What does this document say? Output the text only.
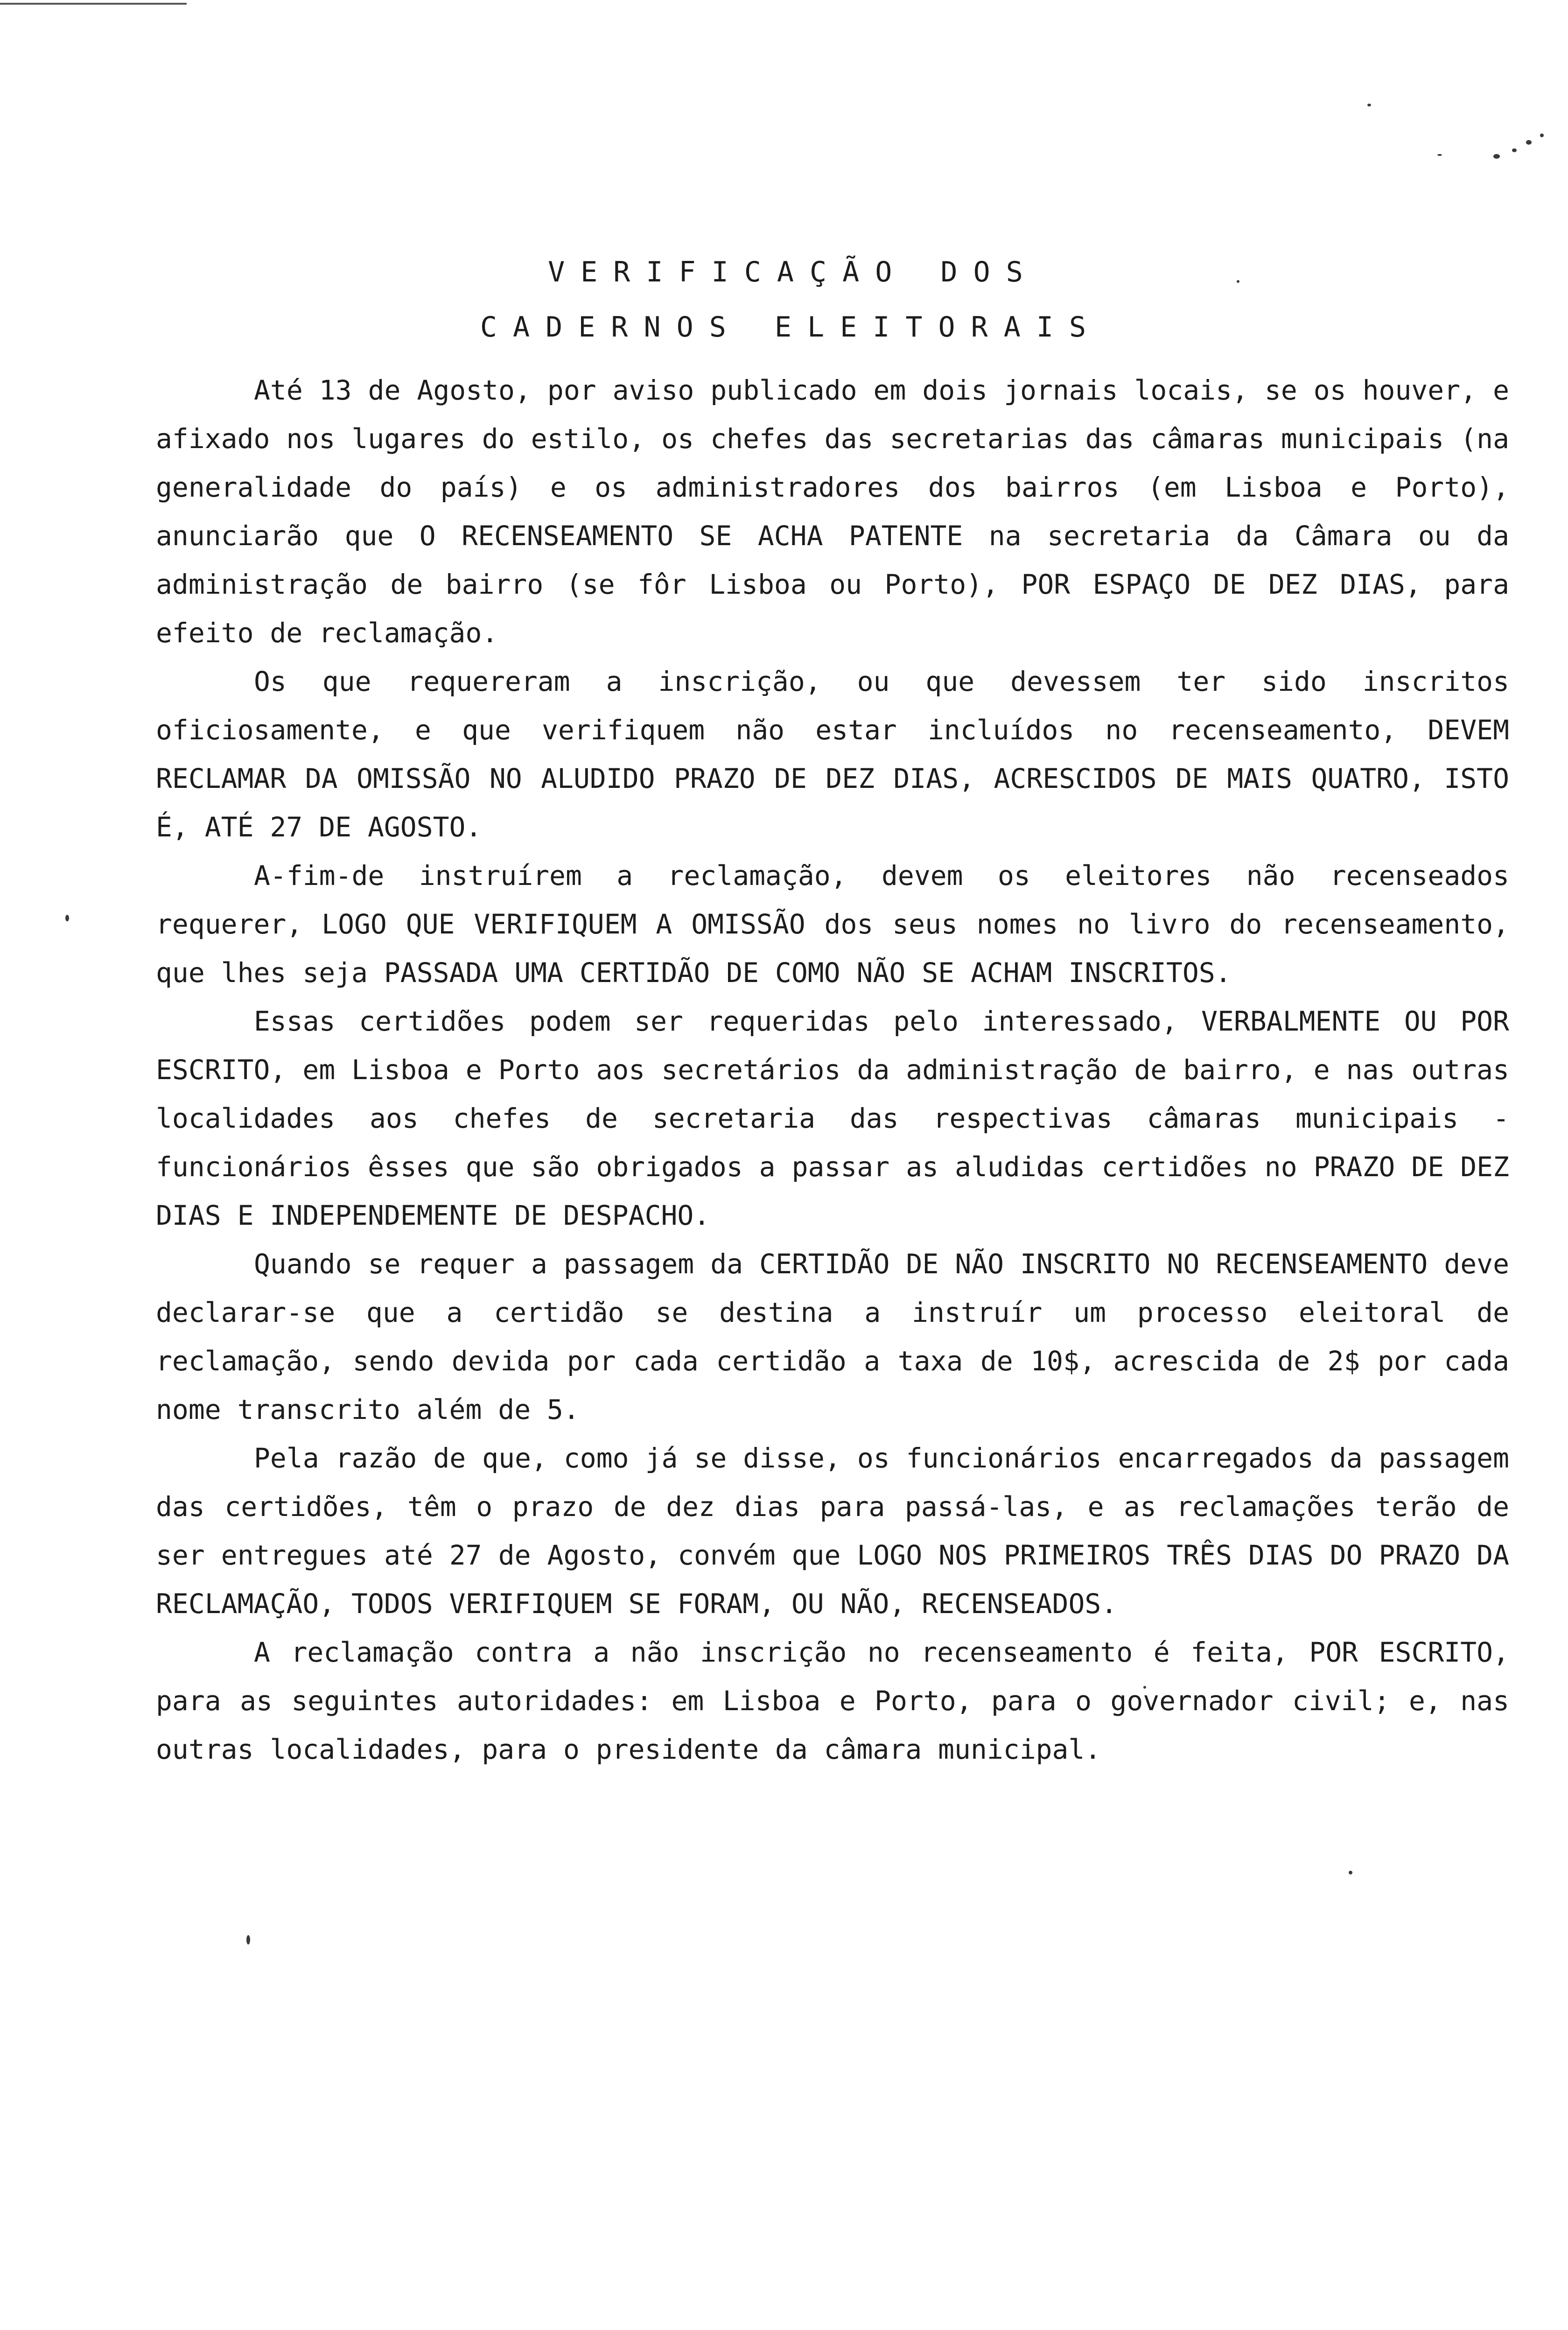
VERIFICAÇÃO DOS
CADERNOS ELEITORAIS

Até 13 de Agosto, por aviso publicado em dois jornais locais, se os houver, e afixado nos lugares do estilo, os chefes das secretarias das câmaras municipais (na generalidade do país) e os administradores dos bairros (em Lisboa e Porto), anunciarão que O RECENSEAMENTO SE ACHA PATENTE na secretaria da Câmara ou da administração de bairro (se fôr Lisboa ou Porto), POR ESPAÇO DE DEZ DIAS, para efeito de reclamação.

Os que requereram a inscrição, ou que devessem ter sido inscritos oficiosamente, e que verifiquem não estar incluídos no recenseamento, DEVEM RECLAMAR DA OMISSÃO NO ALUDIDO PRAZO DE DEZ DIAS, ACRESCIDOS DE MAIS QUATRO, ISTO É, ATÉ 27 DE AGOSTO.

A-fim-de instruírem a reclamação, devem os eleitores não recenseados requerer, LOGO QUE VERIFIQUEM A OMISSÃO dos seus nomes no livro do recenseamento, que lhes seja PASSADA UMA CERTIDÃO DE COMO NÃO SE ACHAM INSCRITOS.

Essas certidões podem ser requeridas pelo interessado, VERBALMENTE OU POR ESCRITO, em Lisboa e Porto aos secretários da administração de bairro, e nas outras localidades aos chefes de secretaria das respectivas câmaras municipais - funcionários êsses que são obrigados a passar as aludidas certidões no PRAZO DE DEZ DIAS E INDEPENDEMENTE DE DESPACHO.

Quando se requer a passagem da CERTIDÃO DE NÃO INSCRITO NO RECENSEAMENTO deve declarar-se que a certidão se destina a instruír um processo eleitoral de reclamação, sendo devida por cada certidão a taxa de 10$, acrescida de 2$ por cada nome transcrito além de 5.

Pela razão de que, como já se disse, os funcionários encarregados da passagem das certidões, têm o prazo de dez dias para passá-las, e as reclamações terão de ser entregues até 27 de Agosto, convém que LOGO NOS PRIMEIROS TRÊS DIAS DO PRAZO DA RECLAMAÇÃO, TODOS VERIFIQUEM SE FORAM, OU NÃO, RECENSEADOS.

A reclamação contra a não inscrição no recenseamento é feita, POR ESCRITO, para as seguintes autoridades: em Lisboa e Porto, para o governador civil; e, nas outras localidades, para o presidente da câmara municipal.
